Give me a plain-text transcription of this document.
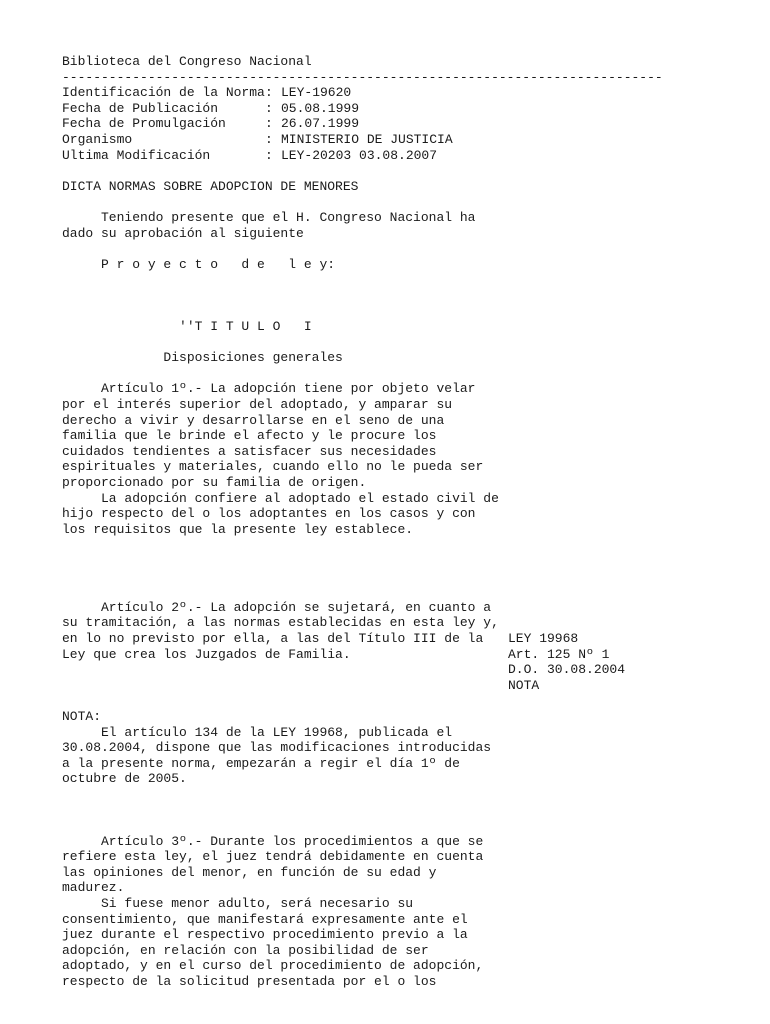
Biblioteca del Congreso Nacional
-----------------------------------------------------------------------------
Identificación de la Norma : LEY-19620
Fecha de Publicación	: 05.08.1999
Fecha de Promulgación	: 26.07.1999
Organismo	: MINISTERIO DE JUSTICIA
Ultima Modificación	: LEY-20203 03.08.2007
DICTA NORMAS SOBRE ADOPCION DE MENORES
Teniendo presente que el H. Congreso Nacional ha
dado su aprobación al siguiente
P r o y e c t o   d e   l e y:
''T I T U L O   I
Disposiciones generales
Artículo 1º.- La adopción tiene por objeto velar
por el interés superior del adoptado, y amparar su
derecho a vivir y desarrollarse en el seno de una
familia que le brinde el afecto y le procure los
cuidados tendientes a satisfacer sus necesidades
espirituales y materiales, cuando ello no le pueda ser
proporcionado por su familia de origen.
La adopción confiere al adoptado el estado civil de
hijo respecto del o los adoptantes en los casos y con
los requisitos que la presente ley establece.
Artículo 2º.- La adopción se sujetará, en cuanto a
su tramitación, a las normas establecidas en esta ley y,
en lo no previsto por ella, a las del Título III de la
Ley que crea los Juzgados de Familia.
LEY 19968
Art. 125 Nº 1
D.O. 30.08.2004
NOTA
NOTA:
El artículo 134 de la LEY 19968, publicada el
30.08.2004, dispone que las modificaciones introducidas
a la presente norma, empezarán a regir el día 1º de
octubre de 2005.
Artículo 3º.- Durante los procedimientos a que se
refiere esta ley, el juez tendrá debidamente en cuenta
las opiniones del menor, en función de su edad y
madurez.
Si fuese menor adulto, será necesario su
consentimiento, que manifestará expresamente ante el
juez durante el respectivo procedimiento previo a la
adopción, en relación con la posibilidad de ser
adoptado, y en el curso del procedimiento de adopción,
respecto de la solicitud presentada por el o los
